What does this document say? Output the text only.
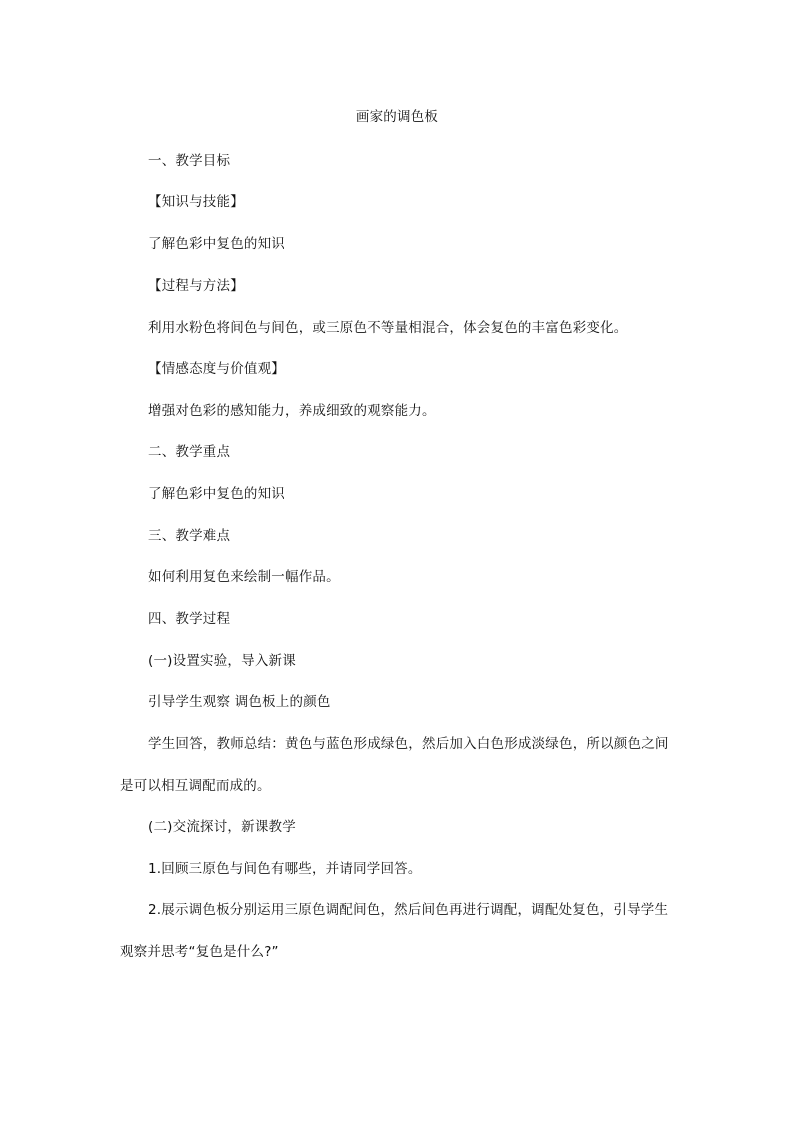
画家的调色板
一、教学目标
【知识与技能】
了解色彩中复色的知识
【过程与方法】
利用水粉色将间色与间色，或三原色不等量相混合，体会复色的丰富色彩变化。
【情感态度与价值观】
增强对色彩的感知能力，养成细致的观察能力。
二、教学重点
了解色彩中复色的知识
三、教学难点
如何利用复色来绘制一幅作品。
四、教学过程
(一)设置实验，导入新课
引导学生观察 调色板上的颜色
学生回答，教师总结：黄色与蓝色形成绿色，然后加入白色形成淡绿色，所以颜色之间
是可以相互调配而成的。
(二)交流探讨，新课教学
1.回顾三原色与间色有哪些，并请同学回答。
2.展示调色板分别运用三原色调配间色，然后间色再进行调配，调配处复色，引导学生
观察并思考“复色是什么?”
